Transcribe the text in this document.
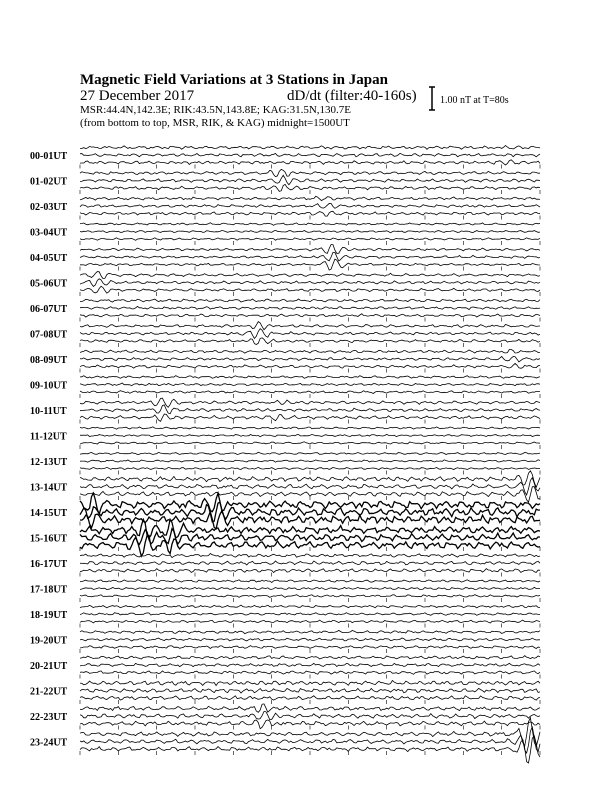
Magnetic Field Variations at 3 Stations in Japan
27 December 2017	dD/dt (filter:40-160s)
MSR:44.4N,142.3E; RIK:43.5N,143.8E; KAG:31.5N,130.7E
(from bottom to top, MSR, RIK, & KAG) midnight=1500UT
1.00 nT at T=80s
00-01UT
01-02UT
02-03UT
03-04UT
04-05UT
05-06UT
06-07UT
07-08UT
08-09UT
09-10UT
10-11UT
11-12UT
12-13UT
13-14UT
14-15UT
15-16UT
16-17UT
17-18UT
18-19UT
19-20UT
20-21UT
21-22UT
22-23UT
23-24UT
